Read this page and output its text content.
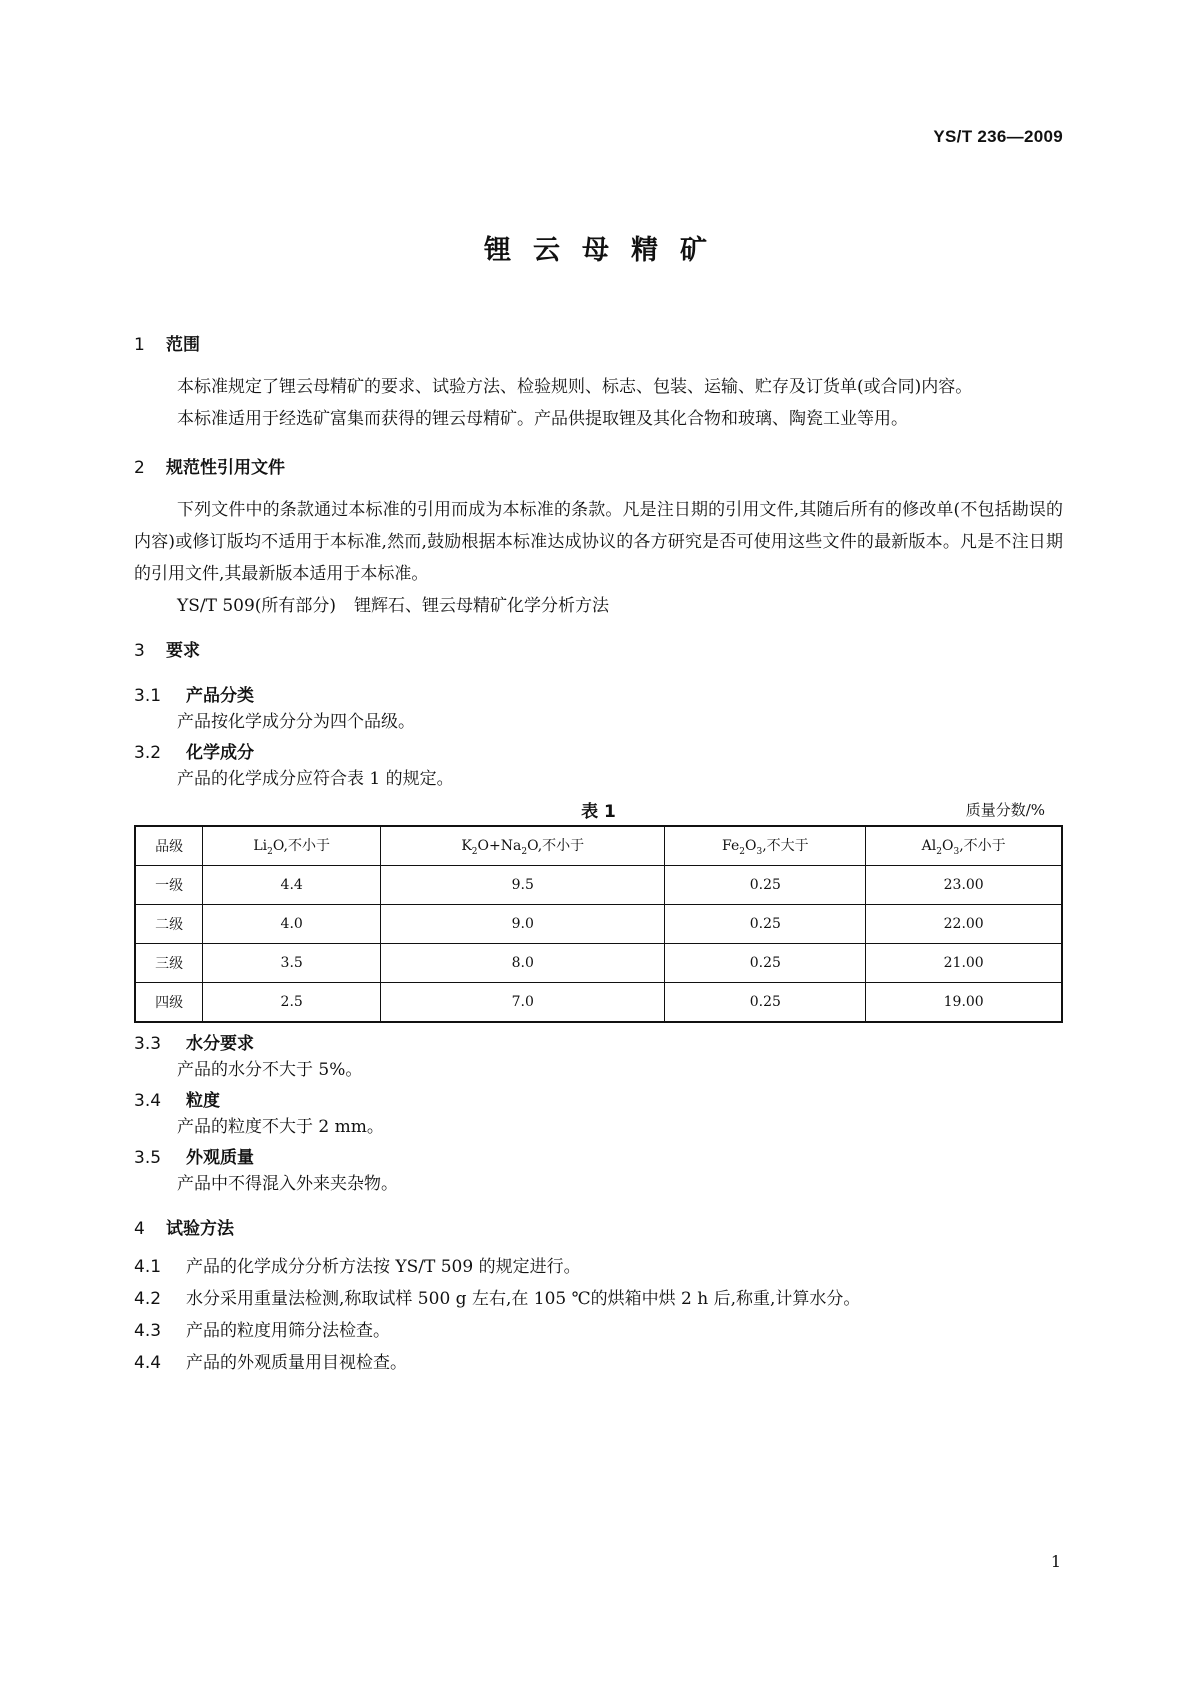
YS/T 236—2009
锂云母精矿
1 范围

本标准规定了锂云母精矿的要求、试验方法、检验规则、标志、包装、运输、贮存及订货单(或合同)内容。

本标准适用于经选矿富集而获得的锂云母精矿。产品供提取锂及其化合物和玻璃、陶瓷工业等用。

2 规范性引用文件

下列文件中的条款通过本标准的引用而成为本标准的条款。凡是注日期的引用文件,其随后所有的修改单(不包括勘误的内容)或修订版均不适用于本标准,然而,鼓励根据本标准达成协议的各方研究是否可使用这些文件的最新版本。凡是不注日期的引用文件,其最新版本适用于本标准。

YS/T 509(所有部分) 锂辉石、锂云母精矿化学分析方法

3 要求
3.1 产品分类
产品按化学成分分为四个品级。
3.2 化学成分
产品的化学成分应符合表 1 的规定。
表 1	质量分数/%
品级	$Li_2O$,不小于	$K_2O+Na_2O$,不小于	$Fe_2O_3$,不大于	$Al_2O_3$,不小于
一级	4.4	9.5	0.25	23.00
二级	4.0	9.0	0.25	22.00
三级	3.5	8.0	0.25	21.00
四级	2.5	7.0	0.25	19.00
3.3 水分要求
产品的水分不大于 5%。
3.4 粒度
产品的粒度不大于 2 mm。
3.5 外观质量
产品中不得混入外来夹杂物。
4 试验方法

4.1 产品的化学成分分析方法按 YS/T 509 的规定进行。

4.2 水分采用重量法检测,称取试样 500 g 左右,在 105 ℃的烘箱中烘 2 h 后,称重,计算水分。

4.3 产品的粒度用筛分法检查。

4.4 产品的外观质量用目视检查。

1
